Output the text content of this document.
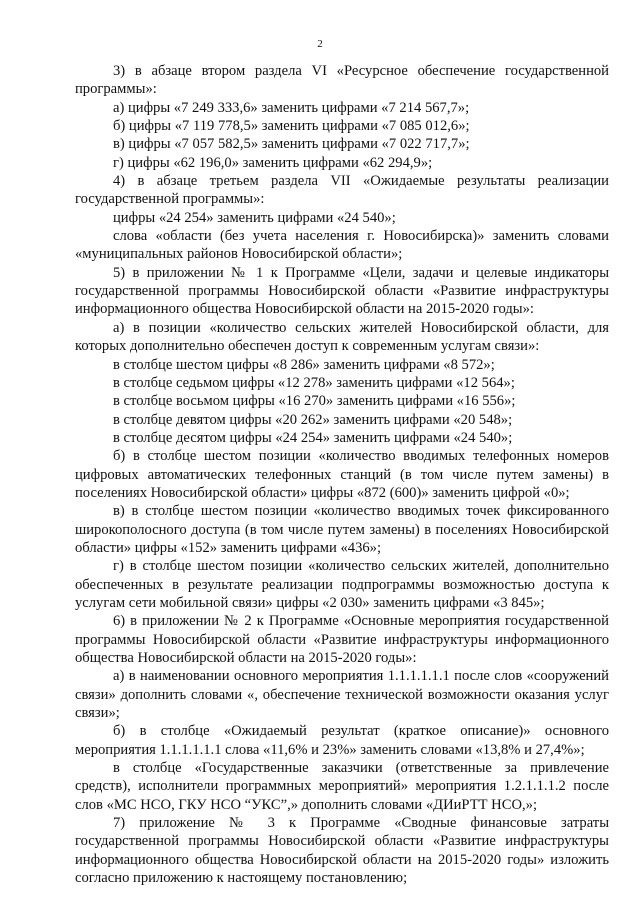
2

3) в абзаце втором раздела VI «Ресурсное обеспечение государственной программы»:

а) цифры «7 249 333,6» заменить цифрами «7 214 567,7»;

б) цифры «7 119 778,5» заменить цифрами «7 085 012,6»;

в) цифры «7 057 582,5» заменить цифрами «7 022 717,7»;

г) цифры «62 196,0» заменить цифрами «62 294,9»;

4) в абзаце третьем раздела VII «Ожидаемые результаты реализации государственной программы»:

цифры «24 254» заменить цифрами «24 540»;

слова «области (без учета населения г. Новосибирска)» заменить словами «муниципальных районов Новосибирской области»;

5) в приложении № 1 к Программе «Цели, задачи и целевые индикаторы государственной программы Новосибирской области «Развитие инфраструктуры информационного общества Новосибирской области на 2015-2020 годы»:

а) в позиции «количество сельских жителей Новосибирской области, для которых дополнительно обеспечен доступ к современным услугам связи»:

в столбце шестом цифры «8 286» заменить цифрами «8 572»;

в столбце седьмом цифры «12 278» заменить цифрами «12 564»;

в столбце восьмом цифры «16 270» заменить цифрами «16 556»;

в столбце девятом цифры «20 262» заменить цифрами «20 548»;

в столбце десятом цифры «24 254» заменить цифрами «24 540»;

б) в столбце шестом позиции «количество вводимых телефонных номеров цифровых автоматических телефонных станций (в том числе путем замены) в поселениях Новосибирской области» цифры «872 (600)» заменить цифрой «0»;

в) в столбце шестом позиции «количество вводимых точек фиксированного широкополосного доступа (в том числе путем замены) в поселениях Новосибирской области» цифры «152» заменить цифрами «436»;

г) в столбце шестом позиции «количество сельских жителей, дополнительно обеспеченных в результате реализации подпрограммы возможностью доступа к услугам сети мобильной связи» цифры «2 030» заменить цифрами «3 845»;

6) в приложении № 2 к Программе «Основные мероприятия государственной программы Новосибирской области «Развитие инфраструктуры информационного общества Новосибирской области на 2015-2020 годы»:

а) в наименовании основного мероприятия 1.1.1.1.1.1 после слов «сооружений связи» дополнить словами «, обеспечение технической возможности оказания услуг связи»;

б) в столбце «Ожидаемый результат (краткое описание)» основного мероприятия 1.1.1.1.1.1 слова «11,6% и 23%» заменить словами «13,8% и 27,4%»;

в столбце «Государственные заказчики (ответственные за привлечение средств), исполнители программных мероприятий» мероприятия 1.2.1.1.1.2 после слов «МС НСО, ГКУ НСО “УКС”,» дополнить словами «ДИиРТТ НСО,»;

7) приложение № 3 к Программе «Сводные финансовые затраты государственной программы Новосибирской области «Развитие инфраструктуры информационного общества Новосибирской области на 2015-2020 годы» изложить согласно приложению к настоящему постановлению;
